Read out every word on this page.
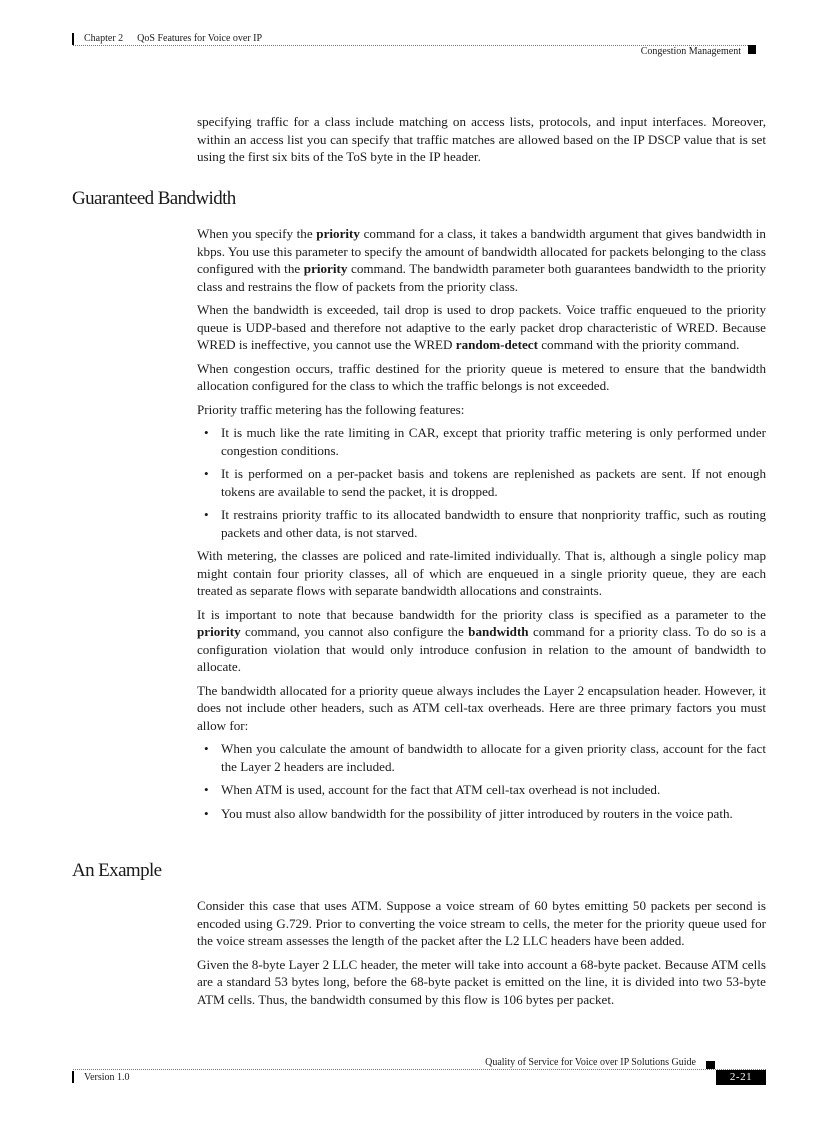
Chapter 2 QoS Features for Voice over IP
Congestion Management

specifying traffic for a class include matching on access lists, protocols, and input interfaces. Moreover, within an access list you can specify that traffic matches are allowed based on the IP DSCP value that is set using the first six bits of the ToS byte in the IP header.

Guaranteed Bandwidth

When you specify the priority command for a class, it takes a bandwidth argument that gives bandwidth in kbps. You use this parameter to specify the amount of bandwidth allocated for packets belonging to the class configured with the priority command. The bandwidth parameter both guarantees bandwidth to the priority class and restrains the flow of packets from the priority class.

When the bandwidth is exceeded, tail drop is used to drop packets. Voice traffic enqueued to the priority queue is UDP-based and therefore not adaptive to the early packet drop characteristic of WRED. Because WRED is ineffective, you cannot use the WRED random-detect command with the priority command.

When congestion occurs, traffic destined for the priority queue is metered to ensure that the bandwidth allocation configured for the class to which the traffic belongs is not exceeded.

Priority traffic metering has the following features:

• It is much like the rate limiting in CAR, except that priority traffic metering is only performed under congestion conditions.
• It is performed on a per-packet basis and tokens are replenished as packets are sent. If not enough tokens are available to send the packet, it is dropped.
• It restrains priority traffic to its allocated bandwidth to ensure that nonpriority traffic, such as routing packets and other data, is not starved.

With metering, the classes are policed and rate-limited individually. That is, although a single policy map might contain four priority classes, all of which are enqueued in a single priority queue, they are each treated as separate flows with separate bandwidth allocations and constraints.

It is important to note that because bandwidth for the priority class is specified as a parameter to the priority command, you cannot also configure the bandwidth command for a priority class. To do so is a configuration violation that would only introduce confusion in relation to the amount of bandwidth to allocate.

The bandwidth allocated for a priority queue always includes the Layer 2 encapsulation header. However, it does not include other headers, such as ATM cell-tax overheads. Here are three primary factors you must allow for:

• When you calculate the amount of bandwidth to allocate for a given priority class, account for the fact the Layer 2 headers are included.
• When ATM is used, account for the fact that ATM cell-tax overhead is not included.
• You must also allow bandwidth for the possibility of jitter introduced by routers in the voice path.
An Example

Consider this case that uses ATM. Suppose a voice stream of 60 bytes emitting 50 packets per second is encoded using G.729. Prior to converting the voice stream to cells, the meter for the priority queue used for the voice stream assesses the length of the packet after the L2 LLC headers have been added.

Given the 8-byte Layer 2 LLC header, the meter will take into account a 68-byte packet. Because ATM cells are a standard 53 bytes long, before the 68-byte packet is emitted on the line, it is divided into two 53-byte ATM cells. Thus, the bandwidth consumed by this flow is 106 bytes per packet.

Quality of Service for Voice over IP Solutions Guide
Version 1.0	2-21
